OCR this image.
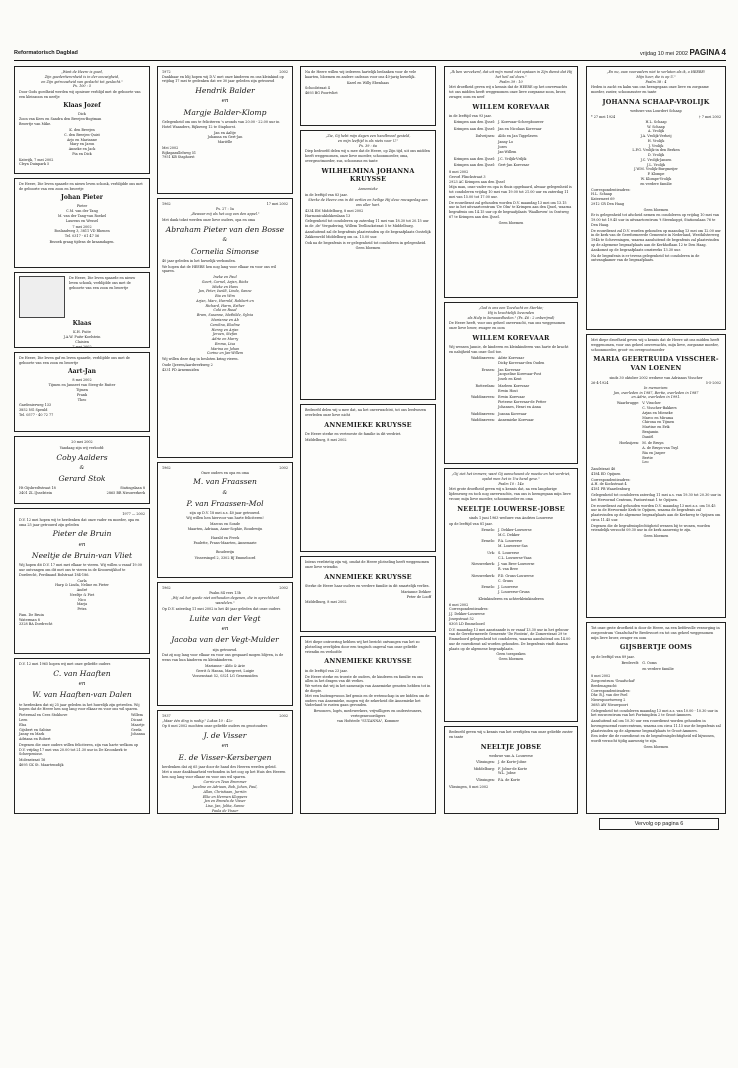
Reformatorisch Dagblad	vrijdag 10 mei 2002 PAGINA 4
„Want de Heere is goed,
Zijn goedertierenheid is in der eeuwigheid,
en Zijn getrouwheid van geslacht tot geslacht."
Ps. 100 : 5
Door Gods goedheid werden wij opnieuw verblijd met de geboorte van een kleinzoon en neefje
Klaas Jozef
Dick
Zoon van Kees en Sandra den Breejen-Bogtman
Broertje van Mike.
K. den Breejen
C. den Breejen-Quist
Arjo en Marianne
Mary en Jaron
Anneke en Jack
Pia en Dick
Katwijk, 7 mei 2002
Cleyn Duinpark 5
De Heere, Die leven spaarde en nieuw leven schonk, verblijdde ons met de geboorte van een zoon en broertje
Johan Pieter
Pieter
C.M. van der Tang
M. van der Tang-van Roekel
Laurens en Wessel
7 mei 2002
Boslandweg 3, 3811 VD Rhenen
Tel. 0317 - 61 47 56
Bezoek graag tijdens de kraamdagen.
De Heere, Die leven spaarde en nieuw leven schonk, verblijdde ons met de geboorte van een zoon en broertje
Klaas
K.H. Fuite
J.A.W. Fuite-Koelstein
Claisien
7 mei 2002

De Heere, Die leven gaf en leven spaarde, verblijdde ons met de geboorte van een zoon en broertje
Aart-Jan
8 mei 2002
Tijmen en Janneet van Steeg-de Ruiter
Tijmen
Frank
Theo
Gardenierweg 133
3852 NG Speuld
Tel. 0577 - 40 72 77
20 mei 2002
Vandaag zijn wij verloofd:
Coby Aalders
&
Gerard Stok
Ht Gijsbredtstraat 18
3401 ZL IJsselstein
Statingslaan 8
2865 BR Nieuwerkerk
1977 — 2002
D.V. 12 mei hopen wij te herdenken dat onze vader en moeder, opa en oma 25 jaar getrouwd zijn geleden
Pieter de Bruin
en
Neeltje de Bruin-van Vliet
Wij hopen dit D.V. 17 mei met elkaar te vieren. Wij willen u vanaf 19.00 uur ontvangen om dit met ons te vieren in de Kroonwijkhof te Dordrecht, Ferdinand Bolstraat 184-186.
Carla
Harp & Linda, Neline en Pieter
André
Neeltje & Piet
Nico
Marja
Petra
Fam. De Bruin
Waterman 8
3328 BA Dordrecht
D.V. 12 mei 1965 hopen wij met onze geliefde ouders
C. van Haaften
en
W. van Haaften-van Dalen
te herdenken dat zij 25 jaar geleden in het huwelijk zijn getreden. Wij hopen dat de Heere hen nog lang voor elkaar en voor ons wil sparen.
Pietermal en Cees Stokhove
Leen
Elsa
Gijsbert en Sabine
Janny en Mark
Adriana en Robert
Willem
Dicant
Maartje
Gerda
Johanna
Degenen die onze ouders willen feliciteren, zijn van harte welkom op D.V. vrijdag 17 mei van 20.00 tot 21.30 uur in De Kroonkerk te Scherpenisse.
Molenstraat 16
4695 CK St. Maartensdijk
1972	2002
Dankbaar en blij hopen wij D.V. met onze kinderen en ons kleinkind op vrijdag 17 mei te gedenken dat we 30 jaar geleden zijn getrouwd
Hendrik Balder
en
Margje Balder-Klomp
Gelegenheid om ons te feliciteren 's avonds van 20.00 - 22.00 uur in Hotel Waanders, Rijksweg 12 te Staphorst.
Jan en Aaltje
Johanna en Gert-Jan
Mariëlle
Mei 2002
Rijksparallelweg 51
7951 KB Staphorst
1962	17 mei 2002
Ps. 27 : 5a
„Bewaar mij als het oog van den appel."
Met dank tokst werden onze lieve ouders, opa en oma
Abraham Pieter van den Bosse
&
Cornelia Simonse
40 jaar geleden in het huwelijk verbonden.
We hopen dat de HEERE hen nog lang voor elkaar en voor ons wil sparen.
Ineke en Paul
Geert, Cornel, Arjan, Rieks
Mieke en Hans
Jan, Peter, Iseült, Linda, Sanne
Ria en Wim
Arjan, Marc, Harrold, Robbert en
Richard, Harm, Esther
Coki en Ruud
Bram, Susanne, Mathilde, Sylvia
Marianne en Ab
Carolina, Elodine
Henny en Arjan
Jeroen, Stefan
Adrie en Marry
Emma, Lisa
Marina en Johan
Corine en Jan-Willem
Wij willen deze dag in besloten kring vieren.
Oude IJzeren/Aardwerkweg 2
4331 PD Arnemuiden
1962	2002
Onze ouders en opa en oma
M. van Fraassen
&
P. van Fraassen-Mol
zijn op D.V. 18 mei a.s. 40 jaar getrouwd.
Wij willen hen hiervoor van harte feliciteren!
Marcus en Sonde
Maarten, Adriaan, Anne-Sophie, Boudewijn

Harald en Freek
Paulette, Frans-Maarten, Annemarie

Boudewijn
Vissersingel 2, 3302 BJ Emmeloord
1962	2002
Psalm 84 vers 13b
„Wij zal het goede niet onthouden degenen, die in oprechtheid wandelen."
Op D.V. zaterdag 11 mei 2002 is het 40 jaar geleden dat onze ouders
Luite van der Vegt
en
Jacoba van der Vegt-Mulder
zijn getrouwd.
Dat zij nog lang voor elkaar en voor ons gespaard mogen blijven, is de wens van hun kinderen en kleinkinderen.
Marianne - Aldo & Arie
Gerrit & Hanna, Margreet, Luigie
Vossenstaat 52, 0321 LG Genemuiden
1937	2002
„Maar één ding is nodig." Lukas 10 : 42c
Op 8 mei 2002 mochten onze geliefde ouders en grootouders
J. de Visser
en
E. de Visser-Kersbergen
herdenken dat zij 65 jaar door de hand des Heeren werden geleid.
Met u onze dankbaarheid verbonden in het oog op het Huis des Heeren hen nog lang voor elkaar en voor ons wil sparen.
Corrie en Teun Bremmer
Jacoline en Adriaan, Bob, Johan, Paul,
Allan, Christiaan, Jurriën
Elke en Herman Kloppers
Jan en Brenda de Visser
Lisa, Jan, Jolita, Sanne
Paula de Visser

Na de Heere willen wij iedereen hartelijk bedanken voor de vele kaarten, bloemen en andere cadeaus voor ons 40-jarig huwelijk.
Karel en Willy Ebenhaas
Schoolstraat 4
4693 BG Poortvliet
„Zie, Gij hebt mijn dagen een handbreed gesteld,
en mijn leeftijd is als niets voor U."
Ps. 39 : 6a
Diep bedroefd delen wij u mee dat de Heere, op Zijn tijd, uit ons midden heeft weggenomen, onze lieve moeder, schoonmoeder, oma, overgrootmoeder, zus, schoonzus en tante
WILHELMINA JOHANNA KRUYSSE
Annemieke
in de leeftijd van 83 jaar.
Sterke de Heere ons in dit verlies en heilige Hij deze rouwgeslag aan ons aller hart.
4334 EM Middelburg, 8 mei 2002
Harmonicaklokkenlaan 13
Gelegenheid tot condoleren op zaterdag 11 mei van 18.30 tot 20.15 uur in de ‚de' Vergadering, Willem Teellinckstraat 5 te Middelburg.
Aansluitend zal de begrafenis plaatsvinden op de begraafplaats Oostelijk Zakkenveld Middelburg om ca. 15.00 uur.
Ook na de begrafenis is er gelegenheid tot condoleren in gelegenheid.
Geen bloemen
Bedroefd delen wij u mee dat, na het onverwachtst, tot ons leedwezen overleden onze lieve nicht
ANNEMIEKE KRUYSSE
De Heere sterke en vertroeste de familie in dit verdriet.
Middelburg, 8 mei 2002
Intens verdrietig zijn wij, omdat de Heere plotseling heeft weggenomen onze lieve vriendin
ANNEMIEKE KRUYSSE
Sterke de Heere haar ouders en verdere familie in dit smartelijk verlies.
Marianne Dekker
Peter de Looff
Middelburg, 8 mei 2002
Met diepe ontroering hebben wij het bericht ontvangen van het zo plotseling overlijden door een tragisch ongeval van onze geliefde vriendin en verloofde
ANNEMIEKE KRUYSSE
in de leeftijd van 23 jaar.
De Heere sterke en troeste de ouders, de kinderen en familie en ons allen in het dragen van dit verlies.
We weten dat wij in het samenzijn van Annemieke genoten hebben tot in de diepte.
Met een buitengewoon lief gemis en de wetenschap in uw bidden om de ouders van Annemieke, mogen wij de zekerheid die Annemieke het Vaderland te rusten gaan gevonden.
Bewoners, logés, medewerkers, vrijwilligers en ondersteuners, vertegenwoordigers
van Hofstede "SUZANNA", Kommer
„Ik ben verzekerd, dat uit mijn mond niet opstaan in Zijn dienst dat Hij het heil zal doen."
Psalm 39 : 10
Met droefheid geven wij u kennis dat de HEERE op het onverwachts tot ons midden heeft weggenomen onze lieve zorgzame zoon, broer, zwager, oom en neef
WILLEM KOREVAAR
in de leeftijd van 93 jaar.
Krimpen aan den IJssel: J. Korevaar-Scheepbouwer
Krimpen aan den IJssel: Jan en Nicolaas Korevaar
Dalveijnen: Aldo en Jan Tiggelaven
Janny Lo
Jozes
Jan-Willem
Krimpen aan den IJssel: J.C. Vriljik-Vriljik
Krimpen aan den IJssel: Gert-Jan Korevaar
8 mei 2002
Gevorl Flinckstraat 3
2923 AC Krimpen aan den IJssel
Mijn man, onze vader en opa is thuis opgebaard, alwaar gelegenheid is tot condoleren vrijdag 10 mei van 19.00 tot 21.00 uur en zaterdag 11 mei van 15.00 tot 17.00 uur.
De rouwdienst zal gehouden worden D.V. maandag 13 mei om 13.15 uur in het uitvaartcentrum 'De Olm' te Krimpen aan den IJssel, waarna begrafenis om 14.15 uur op de begraafplaats 'Waalheven' in Oostweg 67 te Krimpen aan den IJssel.
Geen bloemen
„God is ons een Toevlucht en Sterkte;
Hij is krachtelijk bevonden
als Hulp in benauwdheden." (Ps. 46 : 2 onberijmd)
De Heere heeft, voor ons geheel onverwacht, van ons weggenomen onze lieve broer, zwager en oom
WILLEM KOREVAAR
Wij wensen Jannie, de kinderen en kleinkinderen van harte de kracht en nabijheid van onze God toe.
Waddinxveen: Adrie Korevaar
Dicky Korevaar-den Ouden
Ernsen: Jan Korevaar
Jacqueline Korevaar-Post
Joseb en Kent
Rotterdam: Marleen Korevaar
Erwin Hout
Waddinxveen: Erwin Korevaar
Pieterne Korevaar-de Petter
Johannes, Henri en Anna
Waddinxveen: Joanna Korevaar
Waddinxveen: Annemieke Korevaar
„Gij ziet het immers; want Gij aanschouwt de moeite en het verdriet,
opdat men het in Uw hand geve."
Psalm 10 : 14a
Met grote droefheid geven wij u kennis dat, na een langdurige lijdensweg en toch nog onverwachts, van ons is heengegaan mijn lieve vrouw, mijn lieve moeder, schoonmoeder en oma
NEELTJE LOUWERSE-JOBSE
sinds 1 juni 1963 weduwe van Andries Louwerse
op de leeftijd van 81 jaar.
Ermelo: J. Dekker-Louwerse
M.C. Dekker
Ermelo: P.A. Louwerse
M. Louwerse-Sas
Urk: S. Louwerse
C.L. Louwerse-Vaas
Nieuwerkerk: J. van Bree-Louwerse
R. van Bree
Nieuwerkerk: P.D. Gruns-Louwerse
C. Gruns
Ermelo: J. Louwerse
J. Louwerse-Gruns
Kleinkinderen en achterkleinkinderen
6 mei 2002
Correspondentieadres:
J.J. Dekker-Louwerse
Josepstraat 52
8305 LD Emmeloord
D.V. maandag 13 mei aanstaande is er vanaf 13.30 uur in het gebouw van de Gereformeerde Gemeente 'De Fontein', de Zomerstraat 29 te Emmeloord gelegenheid tot condoleren, waarna aansluitend om 14.00 uur de rouwdienst zal worden gehouden. De begrafenis vindt daarna plaats op de algemene begraafplaats.
Geen toespraken
Geen bloemen
Bedroefd geven wij u kennis van het overlijden van onze geliefde zuster en tante
NEELTJE JOBSE
weduwe van A. Louwerse
Vlissingen: J. de Korte-Jobse
Middelburg: F. Jobse-de Korte
W.L. Jobse
Vlissingen: P.A. de Korte
Vlissingen, 8 mei 2002
„En nu, ouw voorvaders niet te verlaten als ik, o HEERE!
Mijn heer, die is op U."
Psalm 38 : 4
Heden is zacht en kalm van ons heengegaan onze lieve en zorgzame moeder, zuster, schoonzuster en tante
JOHANNA SCHAAP-VROLIJK
weduwe van Lourdert Schaap
* 27 mei 1924	† 7 mei 2002
H.L. Schaap
W. Schaap
A. Vrolijk
J.A. Vrolijk-Verheij
H. Vrolijk
J. Vrolijk
L.P.G. Vrolijk-in den Berken
D. Vrolijk
J.C. Vrolijk-Jansen
J.L. Vrolijk
J.W.M. Vrolijk-Burgmeijer
P. Klompe
W. Klompe-Vrolijk
en verdere familie
Correspondentieadres:
H.L. Schaap
Katermeet 69
2912 CR Den Haag
Geen bloemen
Er is gelegenheid tot afscheid nemen en condoleren op vrijdag 10 mei van 19.00 tot 19.45 uur in uitvaartcentrum 't Steenkoppt, Stationslaan 76 te Den Haag.
De rouwdienst zal D.V. worden gehouden op maandag 13 mei om 12.00 uur in de kerk van de Gereformeerde Gemeente in Nederland, Westhilsterweg 194b te Scheveningen, waarna aansluitend de begrafenis zal plaatsvinden op de algemene begraafplaats aan de Kerkhoflaan 12 te Den Haag.
Aankomst op de begraafplaats omstreeks 13.30 uur.
Na de begrafenis is er tevens gelegenheid tot condoleren in de ontvangkamer van de begraafplaats.
Met diepe droefheid geven wij u kennis dat de Heere uit ons midden heeft weggenomen, voor ons geheel onverwachts, mijn lieve, zorgzame moeder, schoonmoeder, groot- en overgrootmoeder
MARIA GEERTRUIDA VISSCHER-VAN LOENEN
sinds 30 oktober 2002 weduwe van Adrianus Visscher
26-4-1924	5-5-2002
In memoriam:
Jan, overleden in 1987, Bertie, overleden in 1987
en Adrie, overleden in 1991.
Waarbrugge: V. Visscher
C. Visscher-Bakkers
Arjan en Mieneke
Marco en Mirama
Chirona en Tijmen
Martine en Erik
Benjamin
Daniël
Hoeksijzen: M. de Bruyn
A. de Bruyn-van Tuyl
Ria en Jasper
Bertie
Leo
Zandstraat 46
4184 ED Opijnen
Correspondentieadres:
A.H. de Kockstraat 4
4181 PB Waardenburg
Gelegenheid tot condoleren zaterdag 11 mei a.s. van 19.30 tot 20.30 uur in het Hervormd Centrum, Pastorstraat 1 te Opijnen.
De rouwdienst zal gehouden worden D.V. maandag 13 mei a.s. om 10.45 uur in de Hervormde Kerk te Opijnen, waarna de begrafenis zal plaatsvinden op de algemene begraafplaats aan de Kerkweg te Opijnen om circa 11.45 uur.
Degenen die de begrafenisplechtigheid wensen bij te wonen, worden vriendelijk verzocht 09.30 uur in de kerk aanwezig te zijn.
Geen bloemen
Tot onze grote droefheid is door de Heere, na een liefdevolle verzorging in zorgcentrum 'Graafschaf'te Bredevoort en tot ons geheel weggenomen mijn lieve broer, zwager en oom
GIJSBERTJE OOMS
op de leeftijd van 89 jaar.
Bredevelt: G. Ooms
en verdere familie
8 mei 2002
Zorgcentrum 'Graafschaf'
Bredenagracht
Correspondentieadres:
Dhr. B.J. van der Poel
Nieuwpoortseweg 2
3685 AW Nieuwpoort
Gelegenheid tot condoleren maandag 13 mei a.s. van 10.00 - 10.30 uur in het rouwcentrum van het Fortuinplein 2 te Groot-Ammers.
Aansluitend zal om 10.30 uur een rouwdienst worden gehouden in bovengenoemd rouwcentrum, waarna om circa 11.15 uur de begrafenis zal plaatsvinden op de algemene begraafplaats te Groot-Ammers.
Een ieder die de rouwdienst en de begrafenisplechtigheid wil bijwonen, wordt verzocht tijdig aanwezig te zijn.
Geen bloemen
Vervolg op pagina 6
